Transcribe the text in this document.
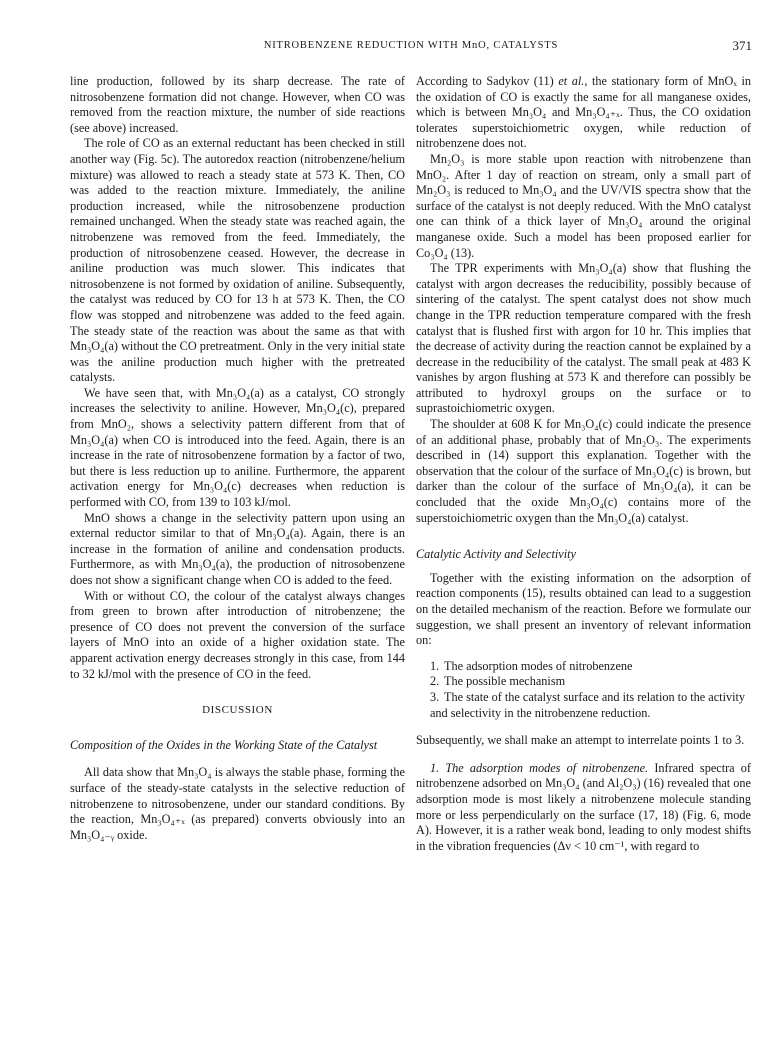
NITROBENZENE REDUCTION WITH MnO, CATALYSTS	371

line production, followed by its sharp decrease. The rate of nitrosobenzene formation did not change. However, when CO was removed from the reaction mixture, the number of side reactions (see above) increased.

The role of CO as an external reductant has been checked in still another way (Fig. 5c). The autoredox reaction (nitrobenzene/helium mixture) was allowed to reach a steady state at 573 K. Then, CO was added to the reaction mixture. Immediately, the aniline production increased, while the nitrosobenzene production remained unchanged. When the steady state was reached again, the nitrobenzene was removed from the feed. Immediately, the production of nitrosobenzene ceased. However, the decrease in aniline production was much slower. This indicates that nitrosobenzene is not formed by oxidation of aniline. Subsequently, the catalyst was reduced by CO for 13 h at 573 K. Then, the CO flow was stopped and nitrobenzene was added to the feed again. The steady state of the reaction was about the same as that with Mn₃O₄(a) without the CO pretreatment. Only in the very initial state was the aniline production much higher with the pretreated catalysts.

We have seen that, with Mn₃O₄(a) as a catalyst, CO strongly increases the selectivity to aniline. However, Mn₃O₄(c), prepared from MnO₂, shows a selectivity pattern different from that of Mn₃O₄(a) when CO is introduced into the feed. Again, there is an increase in the rate of nitrosobenzene formation by a factor of two, but there is less reduction up to aniline. Furthermore, the apparent activation energy for Mn₃O₄(c) decreases when reduction is performed with CO, from 139 to 103 kJ/mol.

MnO shows a change in the selectivity pattern upon using an external reductor similar to that of Mn₃O₄(a). Again, there is an increase in the formation of aniline and condensation products. Furthermore, as with Mn₃O₄(a), the production of nitrosobenzene does not show a significant change when CO is added to the feed.

With or without CO, the colour of the catalyst always changes from green to brown after introduction of nitrobenzene; the presence of CO does not prevent the conversion of the surface layers of MnO into an oxide of a higher oxidation state. The apparent activation energy decreases strongly in this case, from 144 to 32 kJ/mol with the presence of CO in the feed.

DISCUSSION
Composition of the Oxides in the Working State of the Catalyst

All data show that Mn₃O₄ is always the stable phase, forming the surface of the steady-state catalysts in the selective reduction of nitrobenzene to nitrosobenzene, under our standard conditions. By the reaction, Mn₃O₄₊ₓ (as prepared) converts obviously into an Mn₃O₄₋ᵧ oxide.

According to Sadykov (11) et al., the stationary form of MnOₓ in the oxidation of CO is exactly the same for all manganese oxides, which is between Mn₃O₄ and Mn₃O₄₊ₓ. Thus, the CO oxidation tolerates superstoichiometric oxygen, while reduction of nitrobenzene does not.

Mn₂O₃ is more stable upon reaction with nitrobenzene than MnO₂. After 1 day of reaction on stream, only a small part of Mn₂O₃ is reduced to Mn₃O₄ and the UV/VIS spectra show that the surface of the catalyst is not deeply reduced. With the MnO catalyst one can think of a thick layer of Mn₃O₄ around the original manganese oxide. Such a model has been proposed earlier for Co₃O₄ (13).

The TPR experiments with Mn₃O₄(a) show that flushing the catalyst with argon decreases the reducibility, possibly because of sintering of the catalyst. The spent catalyst does not show much change in the TPR reduction temperature compared with the fresh catalyst that is flushed first with argon for 10 hr. This implies that the decrease of activity during the reaction cannot be explained by a decrease in the reducibility of the catalyst. The small peak at 483 K vanishes by argon flushing at 573 K and therefore can possibly be attributed to hydroxyl groups on the surface or to suprastoichiometric oxygen.

The shoulder at 608 K for Mn₃O₄(c) could indicate the presence of an additional phase, probably that of Mn₂O₃. The experiments described in (14) support this explanation. Together with the observation that the colour of the surface of Mn₃O₄(c) is brown, but darker than the colour of the surface of Mn₃O₄(a), it can be concluded that the oxide Mn₃O₄(c) contains more of the superstoichiometric oxygen than the Mn₃O₄(a) catalyst.

Catalytic Activity and Selectivity

Together with the existing information on the adsorption of reaction components (15), results obtained can lead to a suggestion on the detailed mechanism of the reaction. Before we formulate our suggestion, we shall present an inventory of relevant information on:

1. The adsorption modes of nitrobenzene
2. The possible mechanism
3. The state of the catalyst surface and its relation to the activity and selectivity in the nitrobenzene reduction.

Subsequently, we shall make an attempt to interrelate points 1 to 3.

1. The adsorption modes of nitrobenzene. Infrared spectra of nitrobenzene adsorbed on Mn₃O₄ (and Al₂O₃) (16) revealed that one adsorption mode is most likely a nitrobenzene molecule standing more or less perpendicularly on the surface (17, 18) (Fig. 6, mode A). However, it is a rather weak bond, leading to only modest shifts in the vibration frequencies (Δν < 10 cm⁻¹, with regard to
